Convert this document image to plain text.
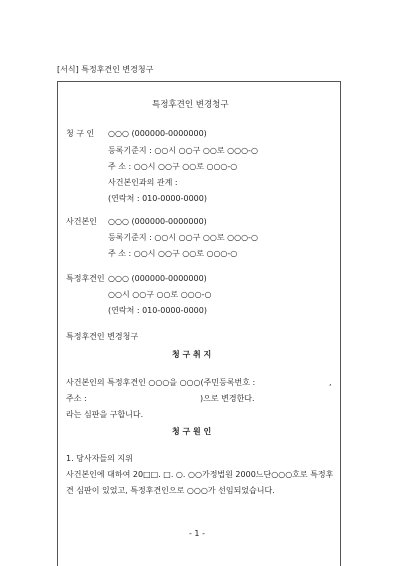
[서식] 특정후견인 변경청구
특정후견인 변경청구
청 구 인 ○○○ (000000-0000000)
등록기준지 : ○○시 ○○구 ○○로 ○○○-○
주 소 : ○○시 ○○구 ○○로 ○○○-○
사건본인과의 관계 :
(연락처 : 010-0000-0000)
사건본인 ○○○ (000000-0000000)
등록기준지 : ○○시 ○○구 ○○로 ○○○-○
주 소 : ○○시 ○○구 ○○로 ○○○-○
특정후견인 ○○○ (000000-0000000)
○○시 ○○구 ○○로 ○○○-○
(연락처 : 010-0000-0000)
특정후견인 변경청구
청 구 취 지
사건본인의 특정후견인 ○○○을 ○○○(주민등록번호 :	,
주소 :	)으로 변경한다.
라는 심판을 구합니다.
청 구 원 인
1. 당사자들의 지위
사건본인에 대하여 20□□. □. ○. ○○가정법원 2000느단○○○호로 특정후
견 심판이 있었고, 특정후견인으로 ○○○가 선임되었습니다.
- 1 -
